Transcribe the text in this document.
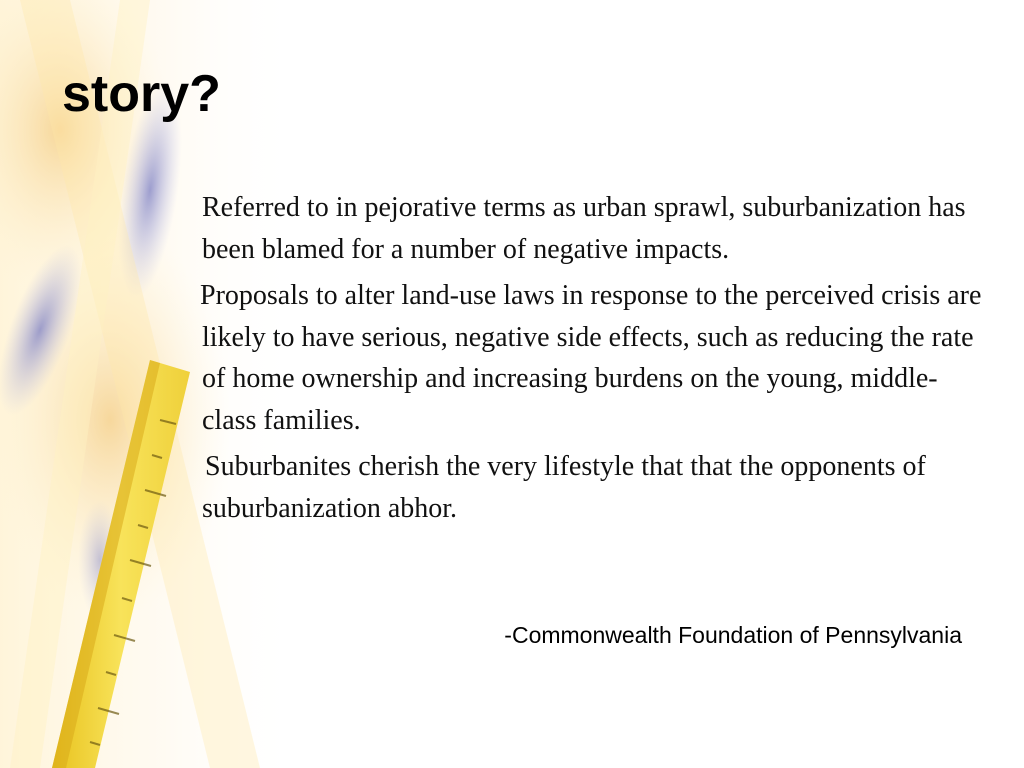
story?

Referred to in pejorative terms as urban sprawl, suburbanization has been blamed for a number of negative impacts.

Proposals to alter land-use laws in response to the perceived crisis are likely to have serious, negative side effects, such as reducing the rate of home ownership and increasing burdens on the young, middle-class families.

Suburbanites cherish the very lifestyle that that the opponents of suburbanization abhor.

-Commonwealth Foundation of Pennsylvania
